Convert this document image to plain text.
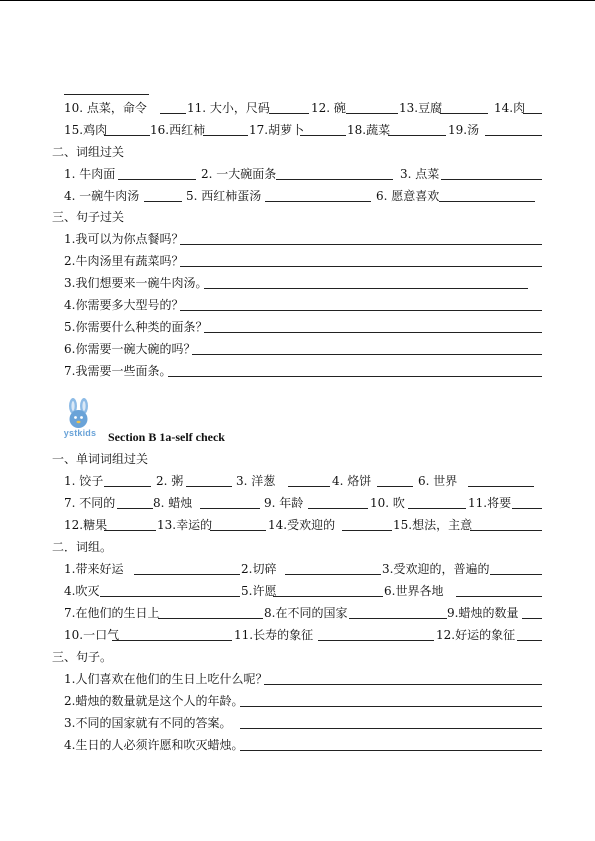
10. 点菜，命令	11. 大小，尺码	12. 碗	13.豆腐	14.肉
15.鸡肉	16.西红柿	17.胡萝卜	18.蔬菜	19.汤
二、词组过关
1. 牛肉面	2. 一大碗面条	3. 点菜
4. 一碗牛肉汤	5. 西红柿蛋汤	6. 愿意喜欢
三、句子过关
1.我可以为你点餐吗？
2.牛肉汤里有蔬菜吗？
3.我们想要来一碗牛肉汤。
4.你需要多大型号的？
5.你需要什么种类的面条？
6.你需要一碗大碗的吗？
7.我需要一些面条。
ystkids Section B 1a-self check
一、单词词组过关
1. 饺子	2. 粥	3. 洋葱	4. 烙饼	6. 世界
7. 不同的	8. 蜡烛	9. 年龄	10. 吹	11.将要
12.糖果	13.幸运的	14.受欢迎的	15.想法，主意
二．词组。
1.带来好运	2.切碎	3.受欢迎的，普遍的
4.吹灭	5.许愿	6.世界各地
7.在他们的生日上	8.在不同的国家	9.蜡烛的数量
10.一口气	11.长寿的象征	12.好运的象征
三、句子。
1.人们喜欢在他们的生日上吃什么呢？
2.蜡烛的数量就是这个人的年龄。
3.不同的国家就有不同的答案。
4.生日的人必须许愿和吹灭蜡烛。
